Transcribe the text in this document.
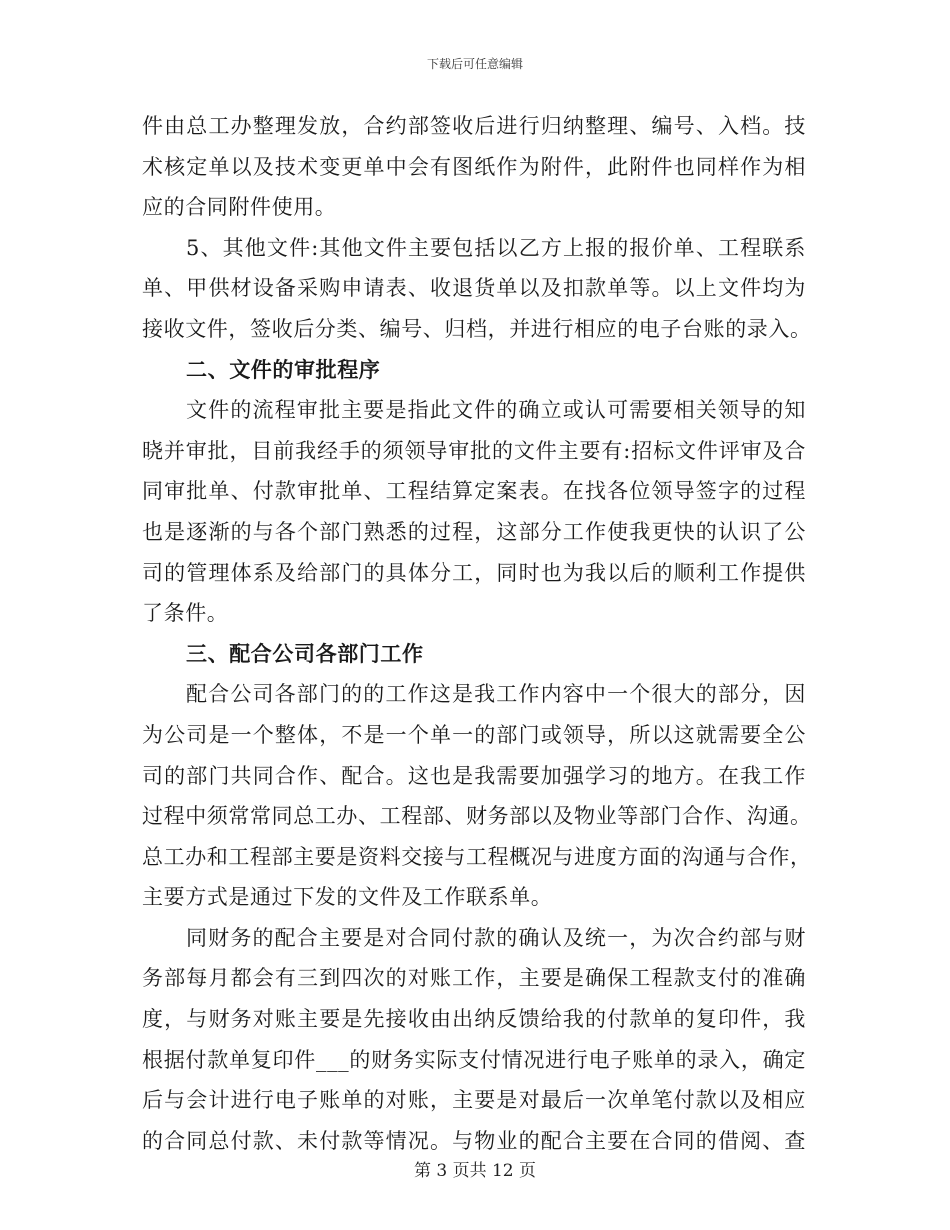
下载后可任意编辑
件由总工办整理发放，合约部签收后进行归纳整理、编号、入档。技
术核定单以及技术变更单中会有图纸作为附件，此附件也同样作为相
应的合同附件使用。
5、其他文件:其他文件主要包括以乙方上报的报价单、工程联系
单、甲供材设备采购申请表、收退货单以及扣款单等。以上文件均为
接收文件，签收后分类、编号、归档，并进行相应的电子台账的录入。
二、文件的审批程序
文件的流程审批主要是指此文件的确立或认可需要相关领导的知
晓并审批，目前我经手的须领导审批的文件主要有:招标文件评审及合
同审批单、付款审批单、工程结算定案表。在找各位领导签字的过程
也是逐渐的与各个部门熟悉的过程，这部分工作使我更快的认识了公
司的管理体系及给部门的具体分工，同时也为我以后的顺利工作提供
了条件。
三、配合公司各部门工作
配合公司各部门的的工作这是我工作内容中一个很大的部分，因
为公司是一个整体，不是一个单一的部门或领导，所以这就需要全公
司的部门共同合作、配合。这也是我需要加强学习的地方。在我工作
过程中须常常同总工办、工程部、财务部以及物业等部门合作、沟通。
总工办和工程部主要是资料交接与工程概况与进度方面的沟通与合作，
主要方式是通过下发的文件及工作联系单。
同财务的配合主要是对合同付款的确认及统一，为次合约部与财
务部每月都会有三到四次的对账工作，主要是确保工程款支付的准确
度，与财务对账主要是先接收由出纳反馈给我的付款单的复印件，我
根据付款单复印件___的财务实际支付情况进行电子账单的录入，确定
后与会计进行电子账单的对账，主要是对最后一次单笔付款以及相应
的合同总付款、未付款等情况。与物业的配合主要在合同的借阅、查
第 3 页共 12 页
